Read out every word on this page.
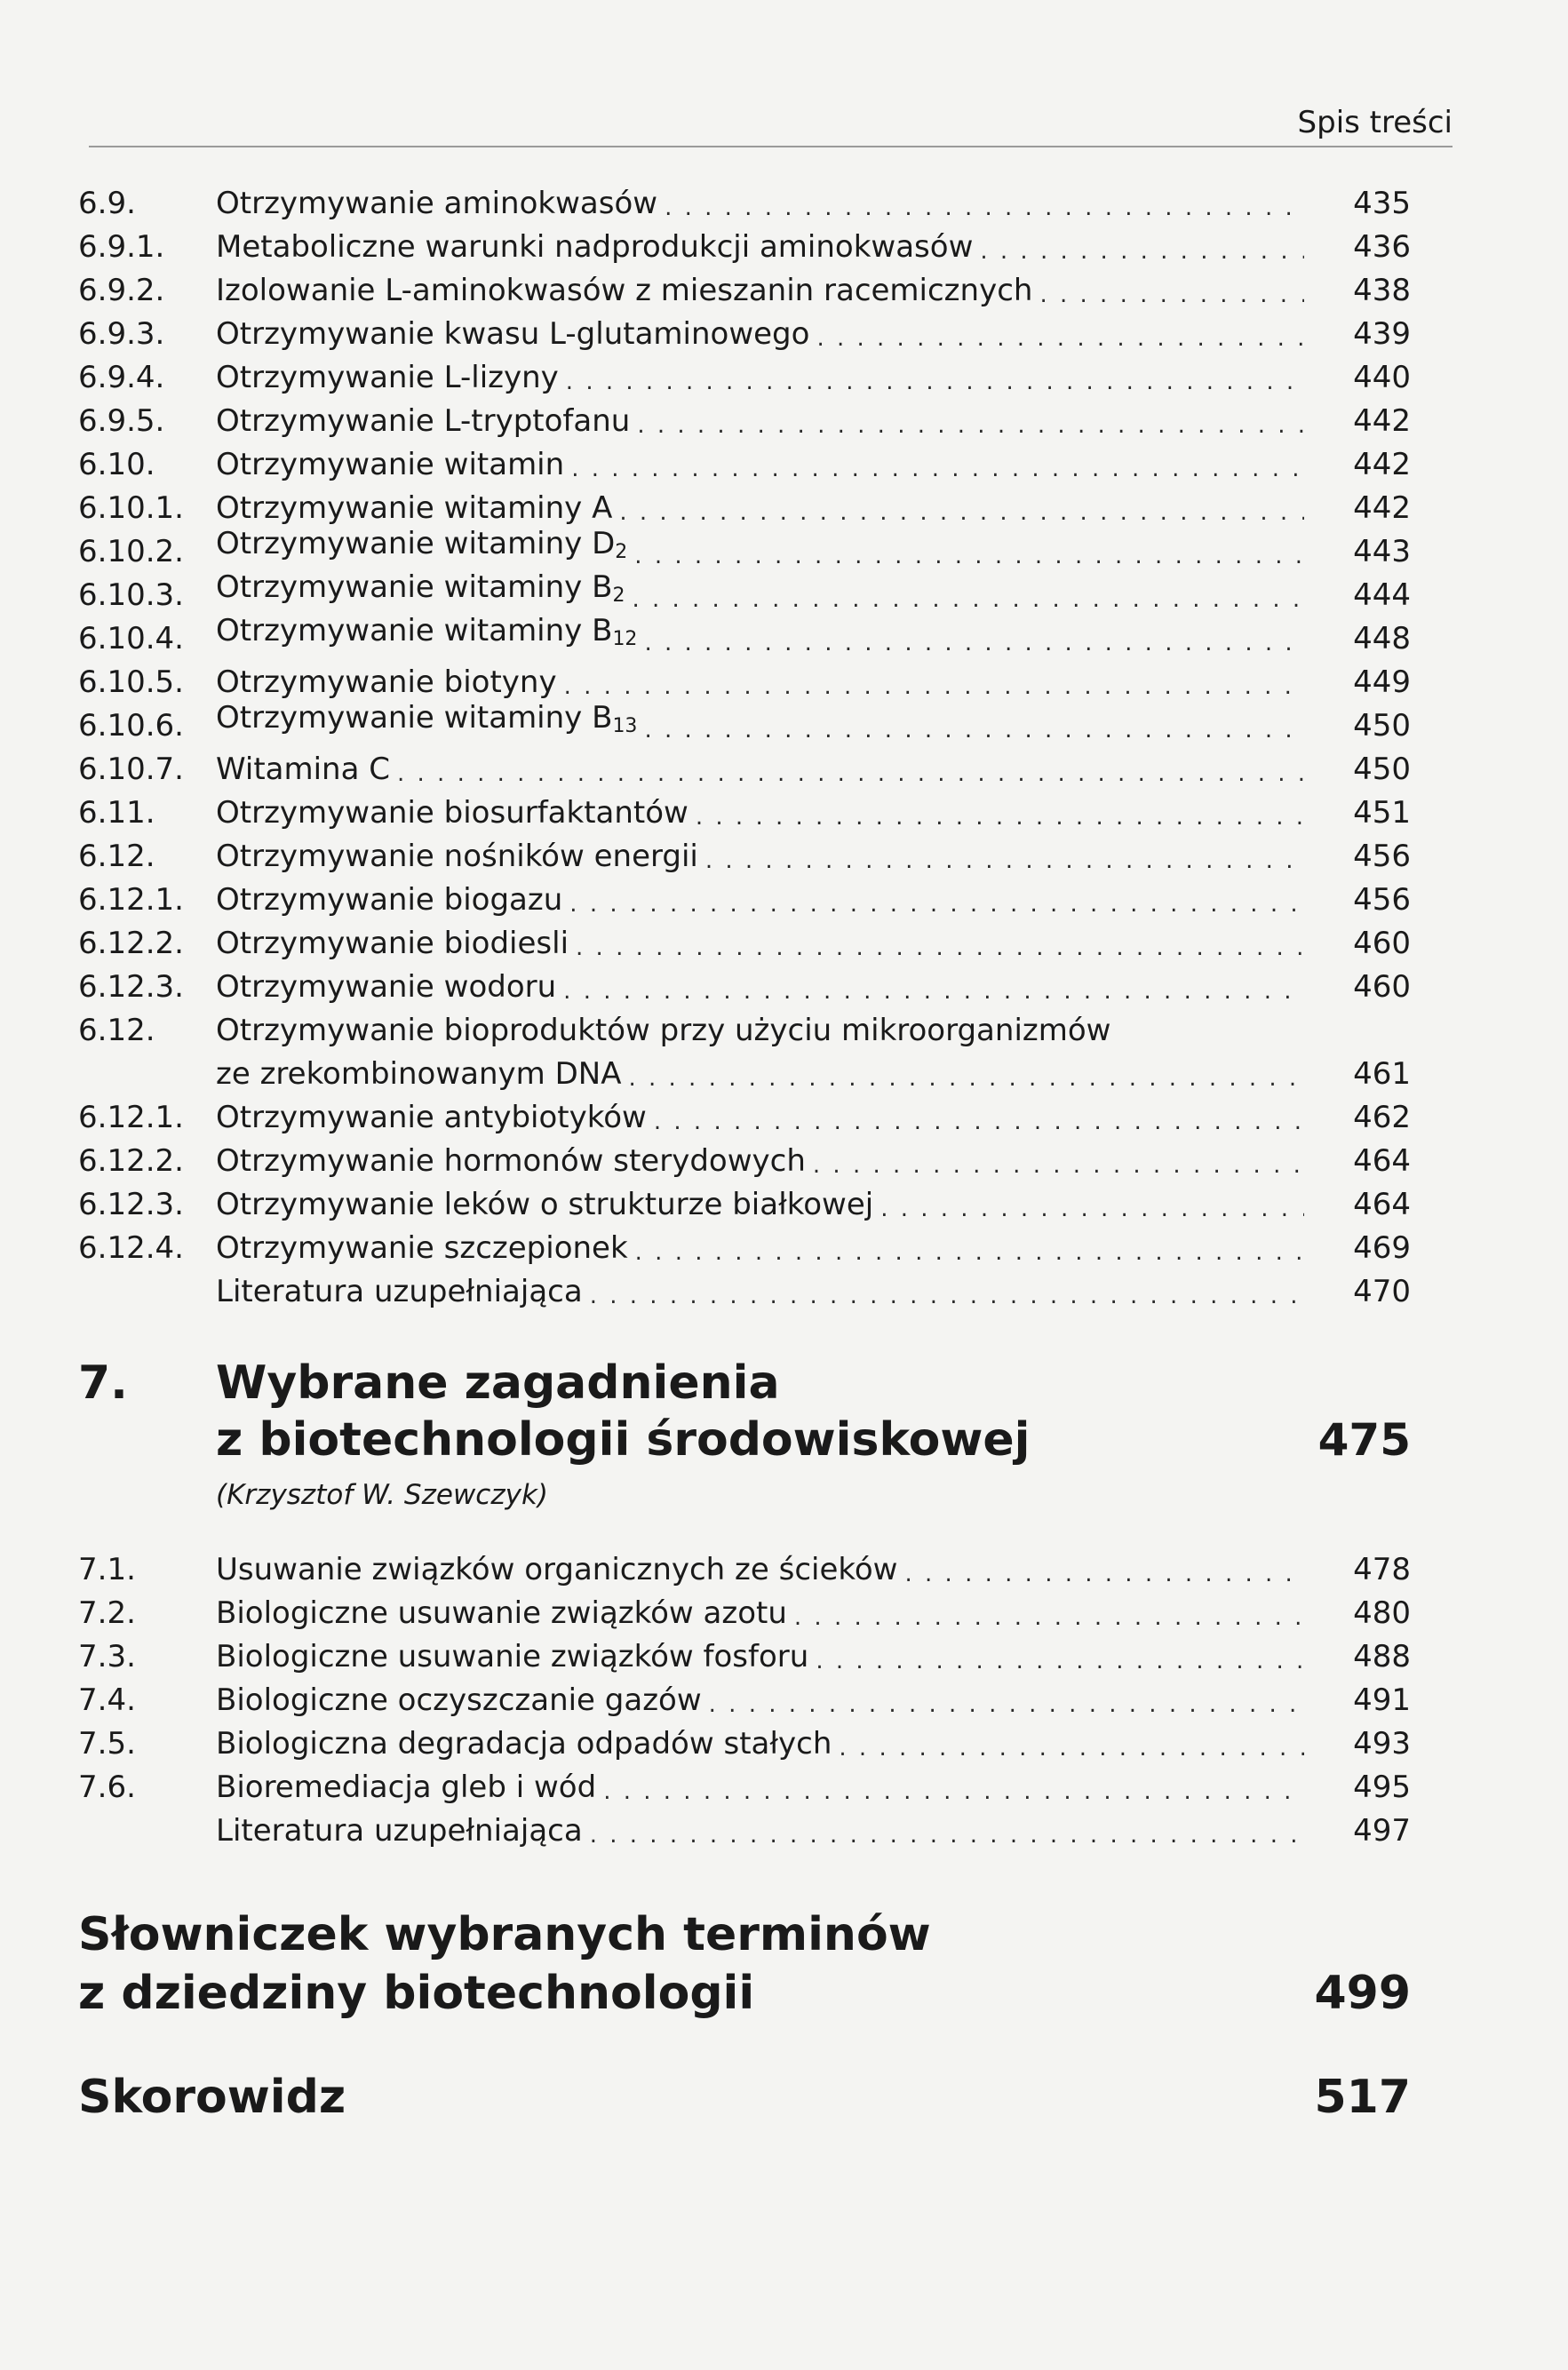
Spis treści
6.9.	Otrzymywanie aminokwasów . . .	435
6.9.1.	Metaboliczne warunki nadprodukcji aminokwasów . . .	436
6.9.2.	Izolowanie L-aminokwasów z mieszanin racemicznych . . .	438
6.9.3.	Otrzymywanie kwasu L-glutaminowego . . .	439
6.9.4.	Otrzymywanie L-lizyny . . .	440
6.9.5.	Otrzymywanie L-tryptofanu . . .	442
6.10.	Otrzymywanie witamin . . .	442
6.10.1.	Otrzymywanie witaminy A . . .	442
6.10.2.	Otrzymywanie witaminy $D_2$ . . .	443
6.10.3.	Otrzymywanie witaminy $B_2$ . . .	444
6.10.4.	Otrzymywanie witaminy $B_{12}$ . . .	448
6.10.5.	Otrzymywanie biotyny . . .	449
6.10.6.	Otrzymywanie witaminy $B_{13}$ . . .	450
6.10.7.	Witamina C . . .	450
6.11.	Otrzymywanie biosurfaktantów . . .	451
6.12.	Otrzymywanie nośników energii . . .	456
6.12.1.	Otrzymywanie biogazu . . .	456
6.12.2.	Otrzymywanie biodiesli . . .	460
6.12.3.	Otrzymywanie wodoru . . .	460
6.12.	Otrzymywanie bioproduktów przy użyciu mikroorganizmów
ze zrekombinowanym DNA . . .	461
6.12.1.	Otrzymywanie antybiotyków . . .	462
6.12.2.	Otrzymywanie hormonów sterydowych . . .	464
6.12.3.	Otrzymywanie leków o strukturze białkowej . . .	464
6.12.4.	Otrzymywanie szczepionek . . .	469
Literatura uzupełniająca . . .	470
7. Wybrane zagadnienia
z biotechnologii środowiskowej	475
(Krzysztof W. Szewczyk)
7.1.	Usuwanie związków organicznych ze ścieków . . .	478
7.2.	Biologiczne usuwanie związków azotu . . .	480
7.3.	Biologiczne usuwanie związków fosforu . . .	488
7.4.	Biologiczne oczyszczanie gazów . . .	491
7.5.	Biologiczna degradacja odpadów stałych . . .	493
7.6.	Bioremediacja gleb i wód . . .	495
Literatura uzupełniająca . . .	497
Słowniczek wybranych terminów
z dziedziny biotechnologii	499
Skorowidz	517
